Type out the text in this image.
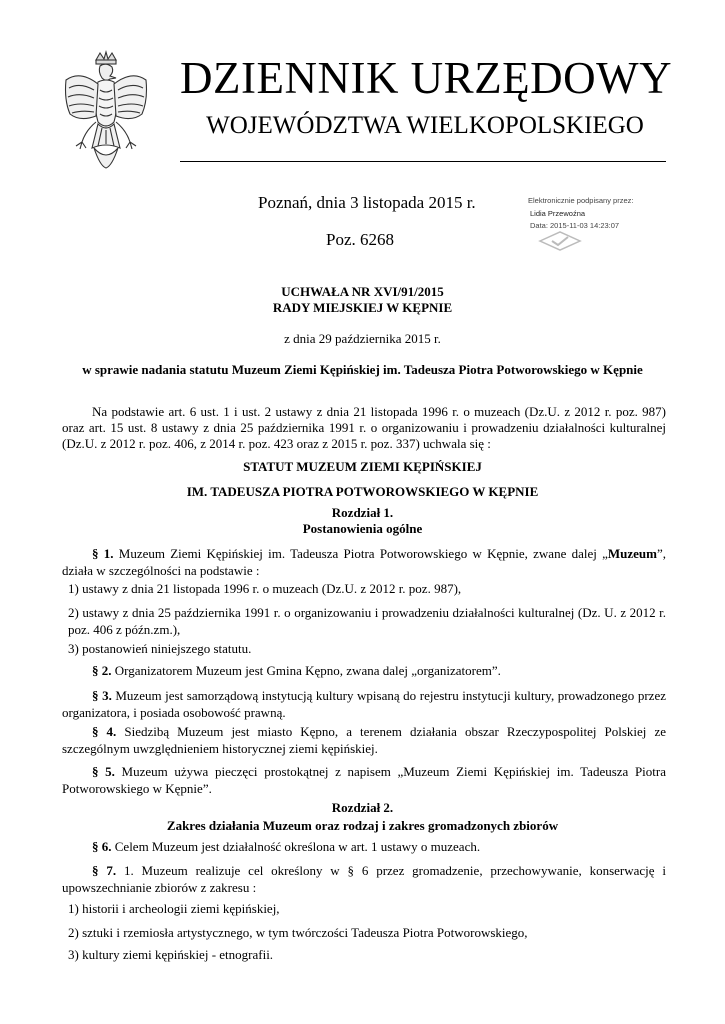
DZIENNIK URZĘDOWY
WOJEWÓDZTWA WIELKOPOLSKIEGO
Poznań, dnia 3 listopada 2015 r.
Poz. 6268
Elektronicznie podpisany przez:
Lidia Przewoźna
Data: 2015-11-03 14:23:07
UCHWAŁA NR XVI/91/2015
RADY MIEJSKIEJ W KĘPNIE
z dnia 29 października 2015 r.
w sprawie nadania statutu Muzeum Ziemi Kępińskiej im. Tadeusza Piotra Potworowskiego w Kępnie

Na podstawie art. 6 ust. 1 i ust. 2 ustawy z dnia 21 listopada 1996 r. o muzeach (Dz.U. z 2012 r. poz. 987) oraz art. 15 ust. 8 ustawy z dnia 25 października 1991 r. o organizowaniu i prowadzeniu działalności kulturalnej (Dz.U. z 2012 r. poz. 406, z 2014 r. poz. 423 oraz z 2015 r. poz. 337) uchwala się :

STATUT MUZEUM ZIEMI KĘPIŃSKIEJ
IM. TADEUSZA PIOTRA POTWOROWSKIEGO W KĘPNIE
Rozdział 1.
Postanowienia ogólne
§ 1. Muzeum Ziemi Kępińskiej im. Tadeusza Piotra Potworowskiego w Kępnie, zwane dalej „Muzeum”, działa w szczególności na podstawie :
1) ustawy z dnia 21 listopada 1996 r. o muzeach (Dz.U. z 2012 r. poz. 987),
2) ustawy z dnia 25 października 1991 r. o organizowaniu i prowadzeniu działalności kulturalnej (Dz. U. z 2012 r. poz. 406 z późn.zm.),
3) postanowień niniejszego statutu.
§ 2. Organizatorem Muzeum jest Gmina Kępno, zwana dalej „organizatorem”.
§ 3. Muzeum jest samorządową instytucją kultury wpisaną do rejestru instytucji kultury, prowadzonego przez organizatora, i posiada osobowość prawną.
§ 4. Siedzibą Muzeum jest miasto Kępno, a terenem działania obszar Rzeczypospolitej Polskiej ze szczególnym uwzględnieniem historycznej ziemi kępińskiej.
§ 5. Muzeum używa pieczęci prostokątnej z napisem „Muzeum Ziemi Kępińskiej im. Tadeusza Piotra Potworowskiego w Kępnie”.
Rozdział 2.
Zakres działania Muzeum oraz rodzaj i zakres gromadzonych zbiorów
§ 6. Celem Muzeum jest działalność określona w art. 1 ustawy o muzeach.
§ 7. 1. Muzeum realizuje cel określony w § 6 przez gromadzenie, przechowywanie, konserwację i upowszechnianie zbiorów z zakresu :
1) historii i archeologii ziemi kępińskiej,
2) sztuki i rzemiosła artystycznego, w tym twórczości Tadeusza Piotra Potworowskiego,
3) kultury ziemi kępińskiej - etnografii.
